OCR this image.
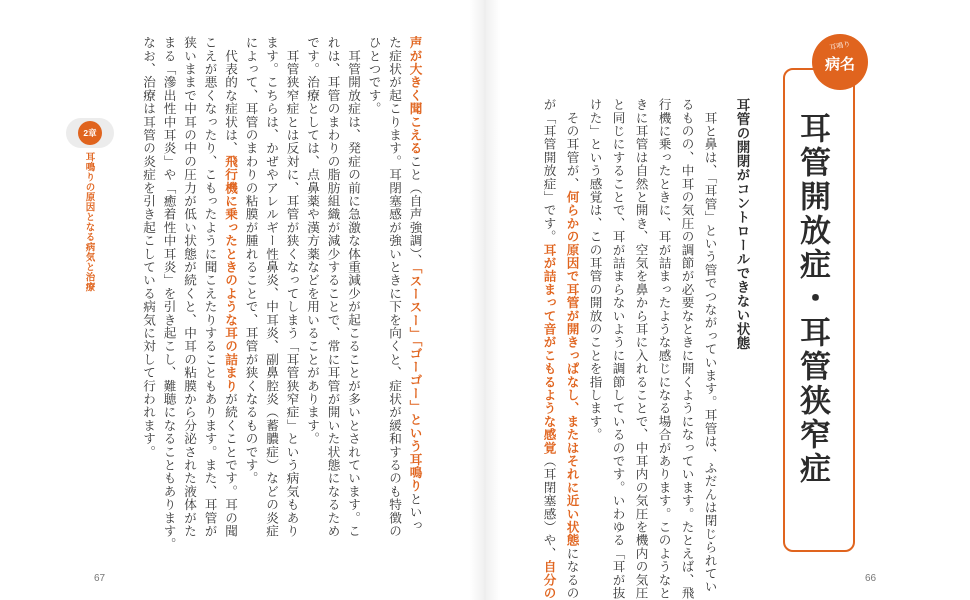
2章
耳鳴りの原因となる病気と治療
声が大きく聞こえること（自声強調）、「スースー」「ゴーゴー」という耳鳴りといっ
た症状が起こります。耳閉塞感が強いときに下を向くと、症状が緩和するのも特徴の
ひとつです。
　耳管開放症は、発症の前に急激な体重減少が起こることが多いとされています。こ
れは、耳管のまわりの脂肪組織が減少することで、常に耳管が開いた状態になるため
です。治療としては、点鼻薬や漢方薬などを用いることがあります。
　耳管狭窄症とは反対に、耳管が狭くなってしまう「耳管狭窄症」という病気もあり
ます。こちらは、かぜやアレルギー性鼻炎、中耳炎、副鼻腔炎（蓄膿症）などの炎症
によって、耳管のまわりの粘膜が腫れることで、耳管が狭くなるものです。
　代表的な症状は、飛行機に乗ったときのような耳の詰まりが続くことです。耳の聞
こえが悪くなったり、こもったように聞こえたりすることもあります。また、耳管が
狭いままで中耳の中の圧力が低い状態が続くと、中耳の粘膜から分泌された液体がた
まる「滲出性中耳炎」や「癒着性中耳炎」を引き起こし、難聴になることもあります。
なお、治療は耳管の炎症を引き起こしている病気に対して行われます。
67	　耳と鼻は、「耳管」という管でつながっています。耳管は、ふだんは閉じられてい
るものの、中耳の気圧の調節が必要なときに開くようになっています。たとえば、飛
行機に乗ったときに、耳が詰まったような感じになる場合があります。このようなと
きに耳管は自然と開き、空気を鼻から耳に入れることで、中耳内の気圧を機内の気圧
と同じにすることで、耳が詰まらないように調節しているのです。いわゆる「耳が抜
けた」という感覚は、この耳管の開放のことを指します。
　その耳管が、何らかの原因で耳管が開きっぱなし、またはそれに近い状態になるの
が「耳管開放症」です。耳が詰まって音がこもるような感覚（耳閉塞感）や、自分の	66
耳管の開閉がコントロールできない状態 耳管開放症・耳管狭窄症
耳鳴り
病名
